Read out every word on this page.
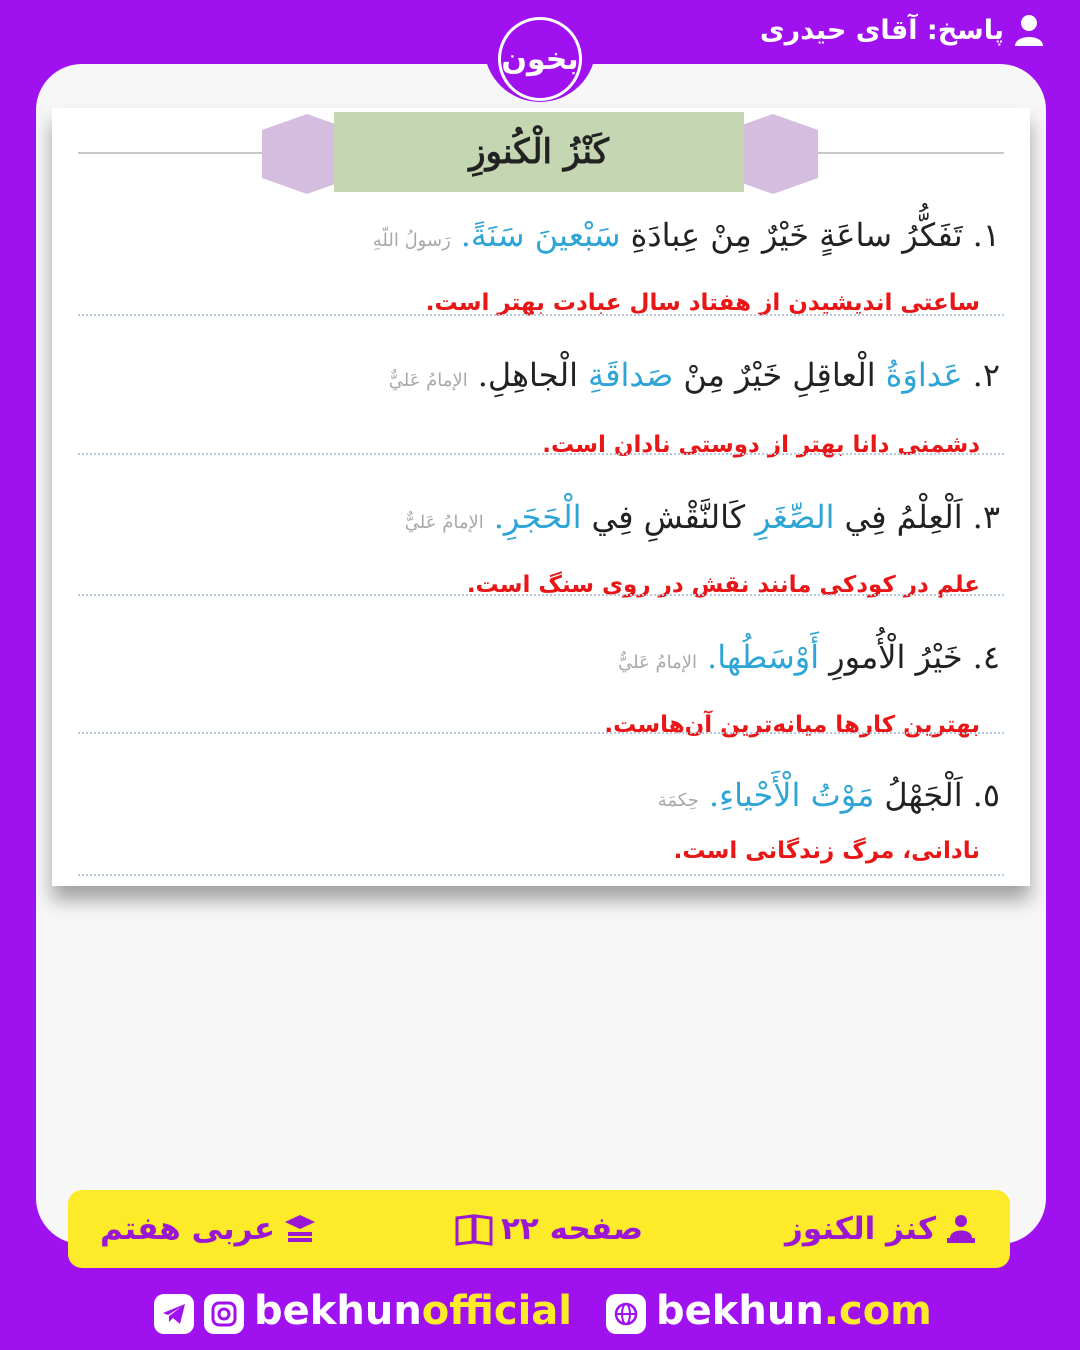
پاسخ: آقای حیدری
بخون
كَنْزُ الْكُنوزِ
١.
تَفَكُّرُ ساعَةٍ خَيْرٌ مِنْ عِبادَةِ
سَبْعينَ سَنَةً.
رَسولُ اللّهِ
ساعتی اندیشیدن از هفتاد سال عبادت بهتر است.
٢.
عَداوَةُ
الْعاقِلِ خَيْرٌ مِنْ
صَداقَةِ
الْجاهِلِ.
الإمامُ عَليٌّ
دشمنی دانا بهتر از دوستی نادان است.
٣.
اَلْعِلْمُ فِي
الصِّغَرِ
كَالنَّقْشِ فِي
الْحَجَرِ.
الإمامُ عَليٌّ
علم در کودکی مانند نقش در روی سنگ است.
٤.
خَيْرُ الْأُمورِ
أَوْسَطُها.
الإمامُ عَليٌّ
بهترین کارها میانه‌ترین آن‌هاست.
٥.
اَلْجَهْلُ
مَوْتُ الْأَحْياءِ.
حِكمَة
نادانی، مرگ زندگانی است.
کنز الکنوز
صفحه ۲۲
عربی هفتم
bekhunofficial bekhun.com
